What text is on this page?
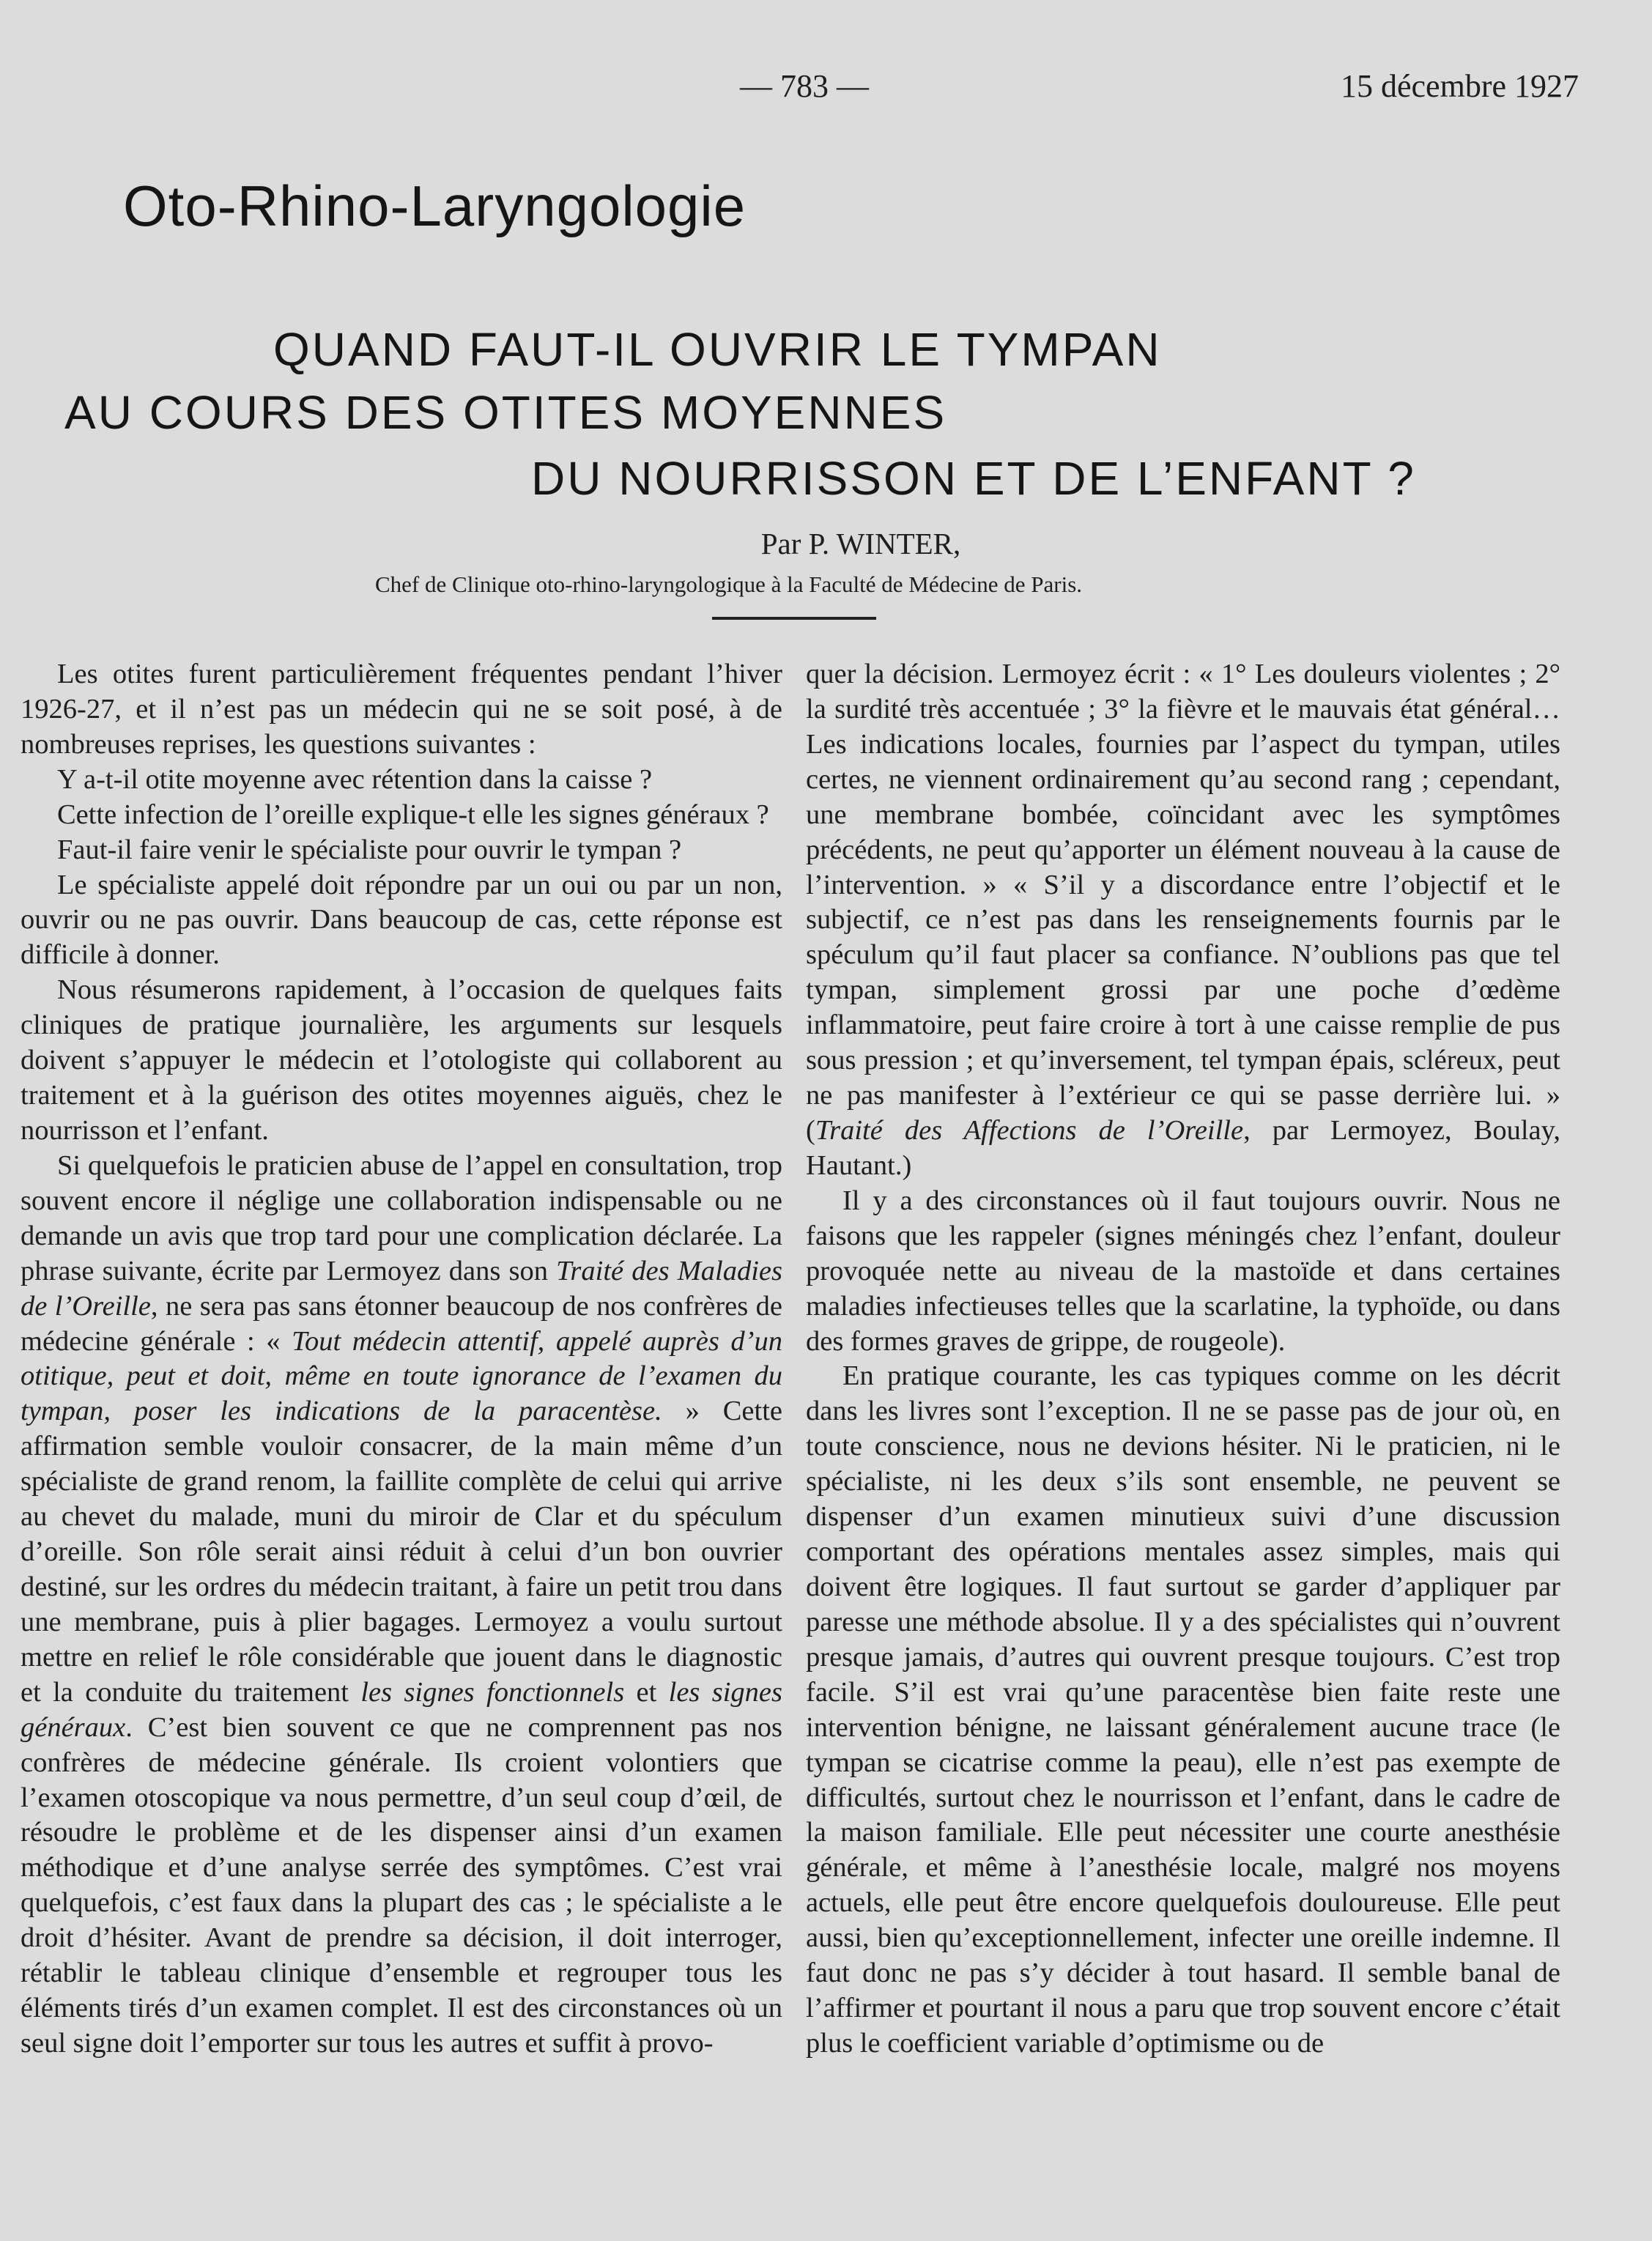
— 783 —	15 décembre 1927
Oto-Rhino-Laryngologie
QUAND FAUT-IL OUVRIR LE TYMPAN
AU COURS DES OTITES MOYENNES
DU NOURRISSON ET DE L’ENFANT ?
Par P. WINTER,
Chef de Clinique oto-rhino-laryngologique à la Faculté de Médecine de Paris.

Les otites furent particulièrement fréquentes pendant l’hiver 1926-27, et il n’est pas un médecin qui ne se soit posé, à de nombreuses reprises, les questions suivantes :

Y a-t-il otite moyenne avec rétention dans la caisse ?

Cette infection de l’oreille explique-t elle les signes généraux ?

Faut-il faire venir le spécialiste pour ouvrir le tympan ?

Le spécialiste appelé doit répondre par un oui ou par un non, ouvrir ou ne pas ouvrir. Dans beaucoup de cas, cette réponse est difficile à donner.

Nous résumerons rapidement, à l’occasion de quelques faits cliniques de pratique journalière, les arguments sur lesquels doivent s’appuyer le médecin et l’otologiste qui collaborent au traitement et à la guérison des otites moyennes aiguës, chez le nourrisson et l’enfant.

Si quelquefois le praticien abuse de l’appel en consultation, trop souvent encore il néglige une collaboration indispensable ou ne demande un avis que trop tard pour une complication déclarée. La phrase suivante, écrite par Lermoyez dans son Traité des Maladies de l’Oreille, ne sera pas sans étonner beaucoup de nos confrères de médecine générale : « Tout médecin attentif, appelé auprès d’un otitique, peut et doit, même en toute ignorance de l’examen du tympan, poser les indications de la paracentèse. » Cette affirmation semble vouloir consacrer, de la main même d’un spécialiste de grand renom, la faillite complète de celui qui arrive au chevet du malade, muni du miroir de Clar et du spéculum d’oreille. Son rôle serait ainsi réduit à celui d’un bon ouvrier destiné, sur les ordres du médecin traitant, à faire un petit trou dans une membrane, puis à plier bagages. Lermoyez a voulu surtout mettre en relief le rôle considérable que jouent dans le diagnostic et la conduite du traitement les signes fonctionnels et les signes généraux. C’est bien souvent ce que ne comprennent pas nos confrères de médecine générale. Ils croient volontiers que l’examen otoscopique va nous permettre, d’un seul coup d’œil, de résoudre le problème et de les dispenser ainsi d’un examen méthodique et d’une analyse serrée des symptômes. C’est vrai quelquefois, c’est faux dans la plupart des cas ; le spécialiste a le droit d’hésiter. Avant de prendre sa décision, il doit interroger, rétablir le tableau clinique d’ensemble et regrouper tous les éléments tirés d’un examen complet. Il est des circonstances où un seul signe doit l’emporter sur tous les autres et suffit à provo-

quer la décision. Lermoyez écrit : « 1° Les douleurs violentes ; 2° la surdité très accentuée ; 3° la fièvre et le mauvais état général… Les indications locales, fournies par l’aspect du tympan, utiles certes, ne viennent ordinairement qu’au second rang ; cependant, une membrane bombée, coïncidant avec les symptômes précédents, ne peut qu’apporter un élément nouveau à la cause de l’intervention. » « S’il y a discordance entre l’objectif et le subjectif, ce n’est pas dans les renseignements fournis par le spéculum qu’il faut placer sa confiance. N’oublions pas que tel tympan, simplement grossi par une poche d’œdème inflammatoire, peut faire croire à tort à une caisse remplie de pus sous pression ; et qu’inversement, tel tympan épais, scléreux, peut ne pas manifester à l’extérieur ce qui se passe derrière lui. » (Traité des Affections de l’Oreille, par Lermoyez, Boulay, Hautant.)

Il y a des circonstances où il faut toujours ouvrir. Nous ne faisons que les rappeler (signes méningés chez l’enfant, douleur provoquée nette au niveau de la mastoïde et dans certaines maladies infectieuses telles que la scarlatine, la typhoïde, ou dans des formes graves de grippe, de rougeole).

En pratique courante, les cas typiques comme on les décrit dans les livres sont l’exception. Il ne se passe pas de jour où, en toute conscience, nous ne devions hésiter. Ni le praticien, ni le spécialiste, ni les deux s’ils sont ensemble, ne peuvent se dispenser d’un examen minutieux suivi d’une discussion comportant des opérations mentales assez simples, mais qui doivent être logiques. Il faut surtout se garder d’appliquer par paresse une méthode absolue. Il y a des spécialistes qui n’ouvrent presque jamais, d’autres qui ouvrent presque toujours. C’est trop facile. S’il est vrai qu’une paracentèse bien faite reste une intervention bénigne, ne laissant généralement aucune trace (le tympan se cicatrise comme la peau), elle n’est pas exempte de difficultés, surtout chez le nourrisson et l’enfant, dans le cadre de la maison familiale. Elle peut nécessiter une courte anesthésie générale, et même à l’anesthésie locale, malgré nos moyens actuels, elle peut être encore quelquefois douloureuse. Elle peut aussi, bien qu’exceptionnellement, infecter une oreille indemne. Il faut donc ne pas s’y décider à tout hasard. Il semble banal de l’affirmer et pourtant il nous a paru que trop souvent encore c’était plus le coefficient variable d’optimisme ou de
